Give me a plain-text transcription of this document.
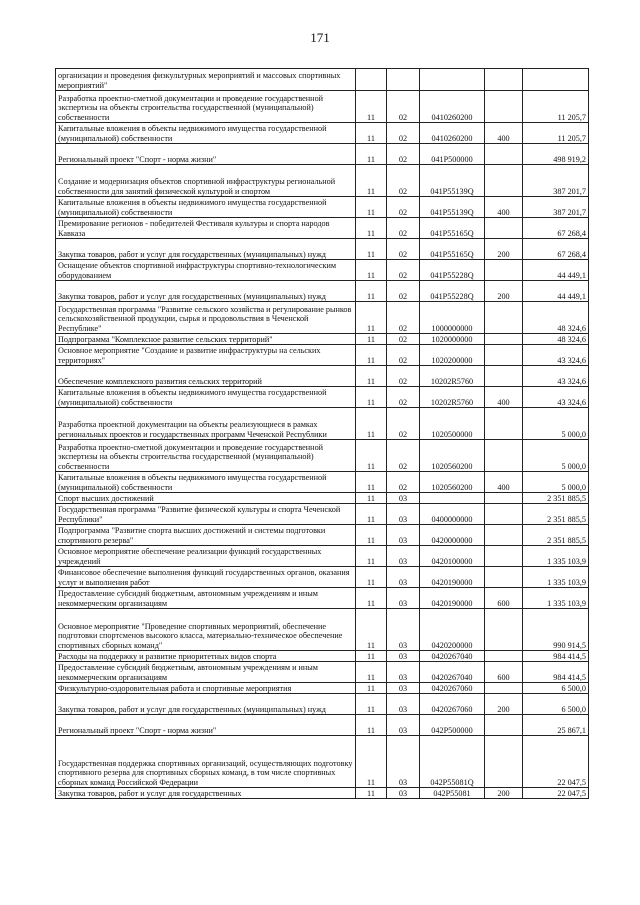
171
организации и проведения физкультурных мероприятий и массовых спортивных мероприятий"					
Разработка проектно-сметной документации и проведение государственной экспертизы на объекты строительства государственной (муниципальной) собственности	11	02	0410260200		11 205,7
Капитальные вложения в объекты недвижимого имущества государственной (муниципальной) собственности	11	02	0410260200	400	11 205,7
Региональный проект "Спорт - норма жизни"	11	02	041P500000		498 919,2
Создание и модернизация объектов спортивной инфраструктуры региональной собственности для занятий физической культурой и спортом	11	02	041P55139Q		387 201,7
Капитальные вложения в объекты недвижимого имущества государственной (муниципальной) собственности	11	02	041P55139Q	400	387 201,7
Премирование регионов - победителей Фестиваля культуры и спорта народов Кавказа	11	02	041P55165Q		67 268,4
Закупка товаров, работ и услуг для государственных (муниципальных) нужд	11	02	041P55165Q	200	67 268,4
Оснащение объектов спортивной инфраструктуры спортивно-технологическим оборудованием	11	02	041P55228Q		44 449,1
Закупка товаров, работ и услуг для государственных (муниципальных) нужд	11	02	041P55228Q	200	44 449,1
Государственная программа "Развитие сельского хозяйства и регулирование рынков сельскохозяйственной продукции, сырья и продовольствия в Чеченской Республике"	11	02	1000000000		48 324,6
Подпрограмма "Комплексное развитие сельских территорий"	11	02	1020000000		48 324,6
Основное мероприятие "Создание и развитие инфраструктуры на сельских территориях"	11	02	1020200000		43 324,6
Обеспечение комплексного развития сельских территорий	11	02	10202R5760		43 324,6
Капитальные вложения в объекты недвижимого имущества государственной (муниципальной) собственности	11	02	10202R5760	400	43 324,6
Разработка проектной документации на объекты реализующиеся в рамках региональных проектов и государственных программ Чеченской Республики	11	02	1020500000		5 000,0
Разработка проектно-сметной документации и проведение государственной экспертизы на объекты строительства государственной (муниципальной) собственности	11	02	1020560200		5 000,0
Капитальные вложения в объекты недвижимого имущества государственной (муниципальной) собственности	11	02	1020560200	400	5 000,0
Спорт высших достижений	11	03			2 351 885,5
Государственная программа "Развитие физической культуры и спорта Чеченской Республики"	11	03	0400000000		2 351 885,5
Подпрограмма "Развитие спорта высших достижений и системы подготовки спортивного резерва"	11	03	0420000000		2 351 885,5
Основное мероприятие обеспечение реализации функций государственных учреждений	11	03	0420100000		1 335 103,9
Финансовое обеспечение выполнения функций государственных органов, оказания услуг и выполнения работ	11	03	0420190000		1 335 103,9
Предоставление субсидий бюджетным, автономным учреждениям и иным некоммерческим организациям	11	03	0420190000	600	1 335 103,9
Основное мероприятие "Проведение спортивных мероприятий, обеспечение подготовки спортсменов высокого класса, материально-техническое обеспечение спортивных сборных команд"	11	03	0420200000		990 914,5
Расходы на поддержку и развитие приоритетных видов спорта	11	03	0420267040		984 414,5
Предоставление субсидий бюджетным, автономным учреждениям и иным некоммерческим организациям	11	03	0420267040	600	984 414,5
Физкультурно-оздоровительная работа и спортивные мероприятия	11	03	0420267060		6 500,0
Закупка товаров, работ и услуг для государственных (муниципальных) нужд	11	03	0420267060	200	6 500,0
Региональный проект "Спорт - норма жизни"	11	03	042P500000		25 867,1
Государственная поддержка спортивных организаций, осуществляющих подготовку спортивного резерва для спортивных сборных команд, в том числе спортивных сборных команд Российской Федерации	11	03	042P55081Q		22 047,5
Закупка товаров, работ и услуг для государственных	11	03	042P55081	200	22 047,5
